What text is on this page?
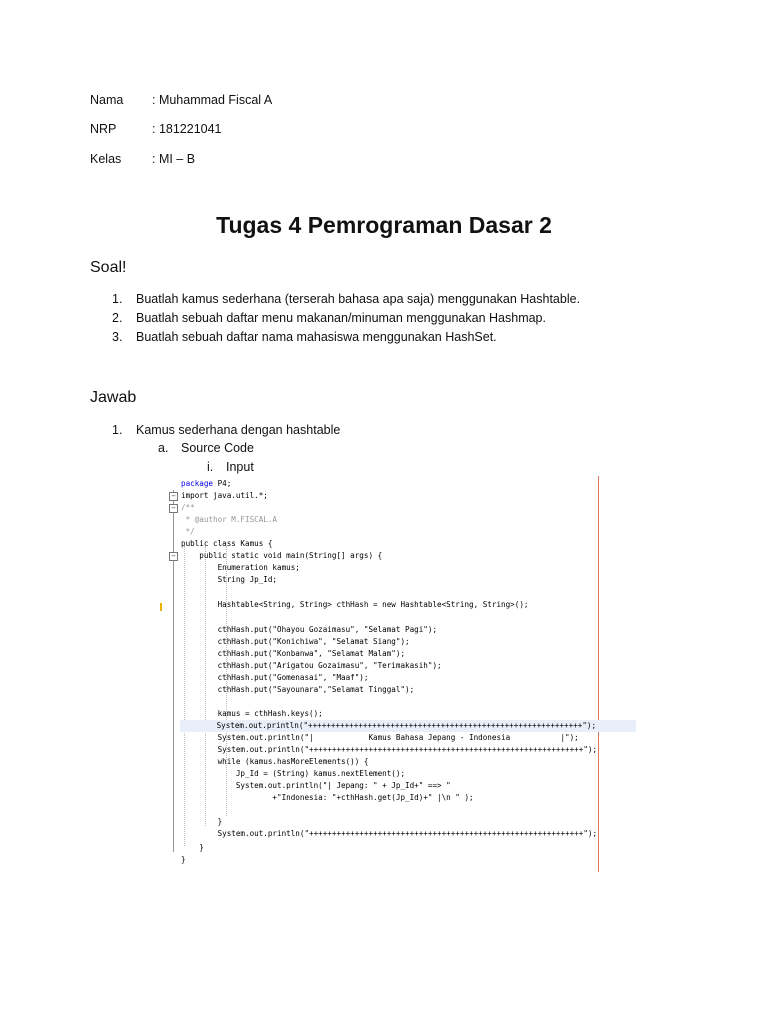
Nama : Muhammad Fiscal A
NRP	: 181221041
Kelas : MI – B
Tugas 4 Pemrograman Dasar 2
Soal!
1. Buatlah kamus sederhana (terserah bahasa apa saja) menggunakan Hashtable.
2. Buatlah sebuah daftar menu makanan/minuman menggunakan Hashmap.
3. Buatlah sebuah daftar nama mahasiswa menggunakan HashSet.
Jawab
1. Kamus sederhana dengan hashtable
a. Source Code
i. Input
−
−
−
package P4;
import java.util.*;
/**
* @author M.FISCAL.A
*/
public class Kamus {
public static void main(String[] args) {
Enumeration kamus;
String Jp_Id;
Hashtable<String, String> cthHash = new Hashtable<String, String>();
cthHash.put("Ohayou Gozaimasu", "Selamat Pagi");
cthHash.put("Konichiwa", "Selamat Siang");
cthHash.put("Konbanwa", "Selamat Malam");
cthHash.put("Arigatou Gozaimasu", "Terimakasih");
cthHash.put("Gomenasai", "Maaf");
cthHash.put("Sayounara","Selamat Tinggal");
kamus = cthHash.keys();
System.out.println("++++++++++++++++++++++++++++++++++++++++++++++++++++++++++++");
System.out.println("|            Kamus Bahasa Jepang - Indonesia           |");
System.out.println("++++++++++++++++++++++++++++++++++++++++++++++++++++++++++++");
while (kamus.hasMoreElements()) {
Jp_Id = (String) kamus.nextElement();
System.out.println("| Jepang: " + Jp_Id+" ==> "
+"Indonesia: "+cthHash.get(Jp_Id)+" |\n " );
}
System.out.println("++++++++++++++++++++++++++++++++++++++++++++++++++++++++++++");
}
}
